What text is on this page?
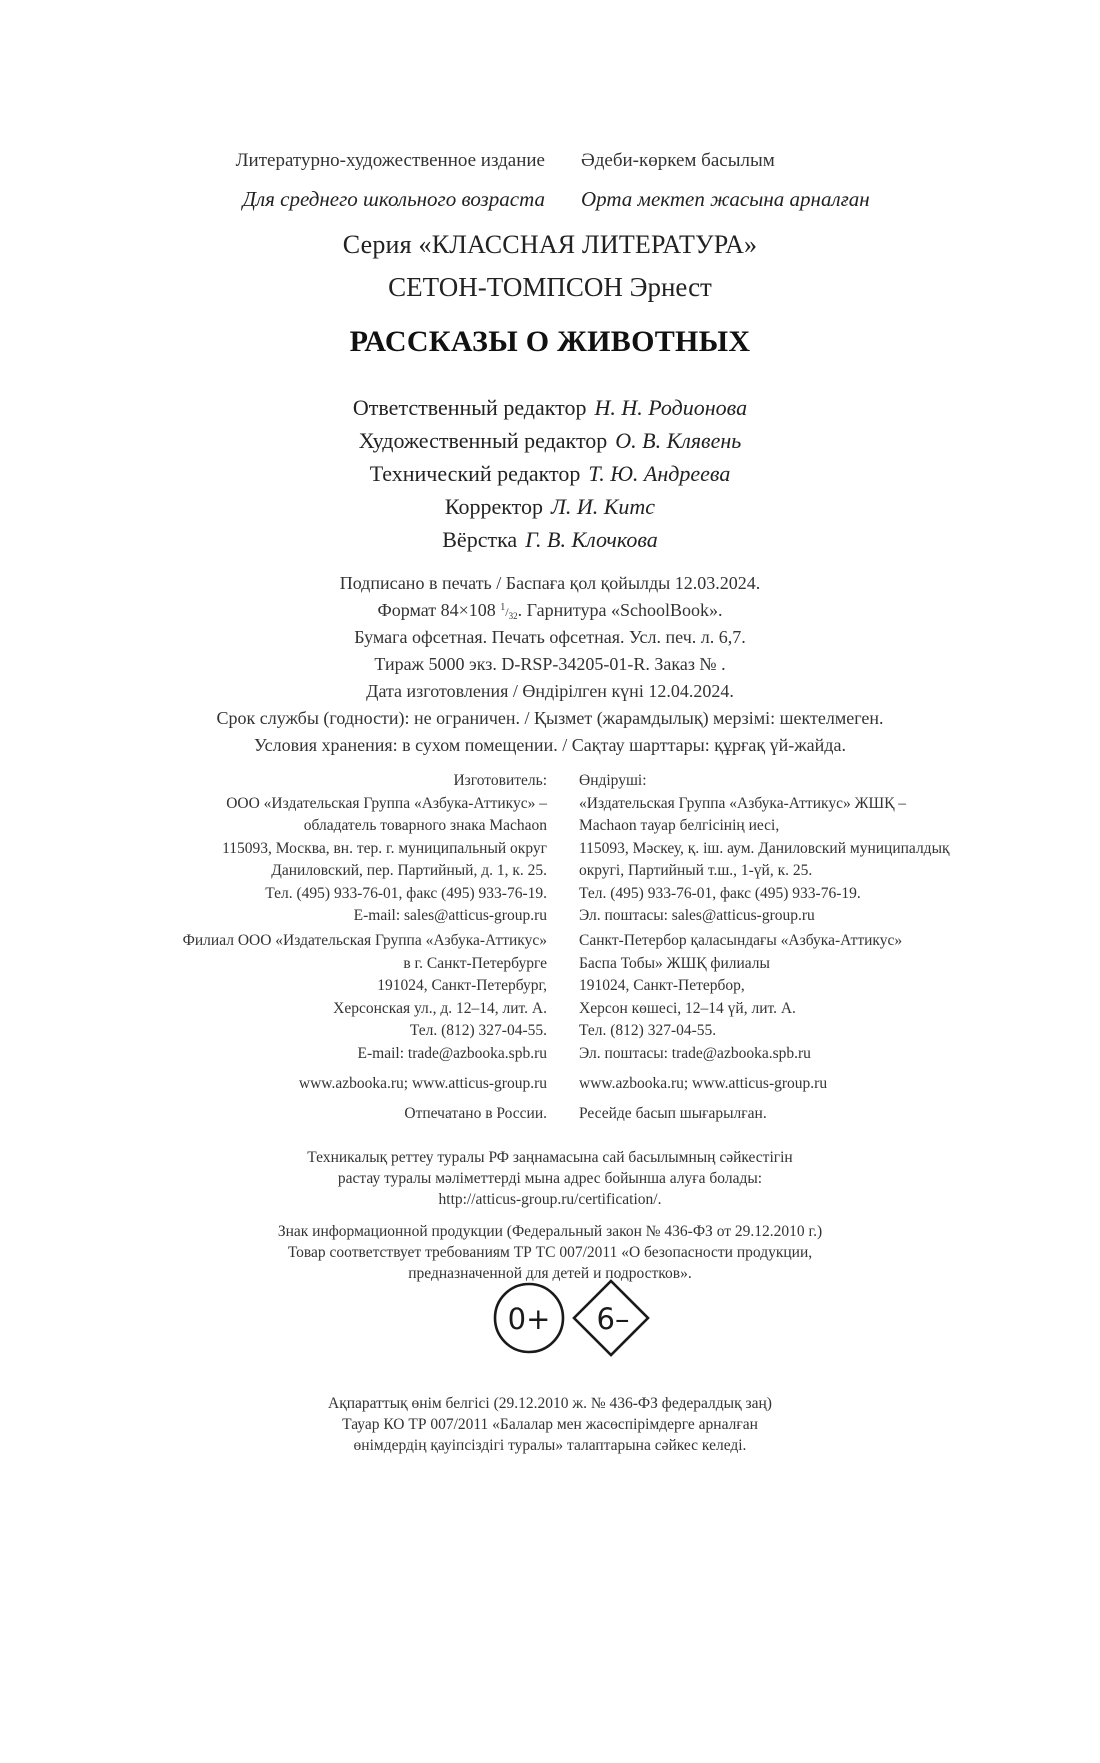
Литературно-художественное издание	Әдеби-көркем басылым
Для среднего школьного возраста	Орта мектеп жасына арналған
Серия «КЛАССНАЯ ЛИТЕРАТУРА»
СЕТОН-ТОМПСОН Эрнест
РАССКАЗЫ О ЖИВОТНЫХ
Ответственный редактор Н. Н. Родионова
Художественный редактор О. В. Клявень
Технический редактор Т. Ю. Андреева
Корректор Л. И. Китс
Вёрстка Г. В. Клочкова
Подписано в печать / Баспаға қол қойылды 12.03.2024.
Формат 84×108 $^1/_{32}$. Гарнитура «SchoolBook».
Бумага офсетная. Печать офсетная. Усл. печ. л. 6,7.
Тираж 5000 экз. D-RSP-34205-01-R. Заказ № .
Дата изготовления / Өндірілген күні 12.04.2024.
Срок службы (годности): не ограничен. / Қызмет (жарамдылық) мерзімі: шектелмеген.
Условия хранения: в сухом помещении. / Сақтау шарттары: құрғақ үй-жайда.
Изготовитель:
ООО «Издательская Группа «Азбука-Аттикус» –
обладатель товарного знака Machaon
115093, Москва, вн. тер. г. муниципальный округ
Даниловский, пер. Партийный, д. 1, к. 25.
Тел. (495) 933-76-01, факс (495) 933-76-19.
E-mail: sales@atticus-group.ru
Өндіруші:
«Издательская Группа «Азбука-Аттикус» ЖШҚ –
Machaon тауар белгісінің иесі,
115093, Мәскеу, қ. іш. аум. Даниловский муниципалдық
округі, Партийный т.ш., 1-үй, к. 25.
Тел. (495) 933-76-01, факс (495) 933-76-19.
Эл. поштасы: sales@atticus-group.ru
Филиал ООО «Издательская Группа «Азбука-Аттикус»
в г. Санкт-Петербурге
191024, Санкт-Петербург,
Херсонская ул., д. 12–14, лит. А.
Тел. (812) 327-04-55.
E-mail: trade@azbooka.spb.ru
Санкт-Петербор қаласындағы «Азбука-Аттикус»
Баспа Тобы» ЖШҚ филиалы
191024, Санкт-Петербор,
Херсон көшесі, 12–14 үй, лит. А.
Тел. (812) 327-04-55.
Эл. поштасы: trade@azbooka.spb.ru
www.azbooka.ru; www.atticus-group.ru www.azbooka.ru; www.atticus-group.ru
Отпечатано в России. Ресейде басып шығарылған.
Техникалық реттеу туралы РФ заңнамасына сай басылымның сәйкестігін
растау туралы мәліметтерді мына адрес бойынша алуға болады:
http://atticus-group.ru/certification/.
Знак информационной продукции (Федеральный закон № 436-ФЗ от 29.12.2010 г.)
Товар соответствует требованиям ТР ТС 007/2011 «О безопасности продукции,
предназначенной для детей и подростков».
0+ 6–
Ақпараттық өнім белгісі (29.12.2010 ж. № 436-ФЗ федералдық заң)
Тауар КО ТР 007/2011 «Балалар мен жасөспірімдерге арналған
өнімдердің қауіпсіздігі туралы» талаптарына сәйкес келеді.
